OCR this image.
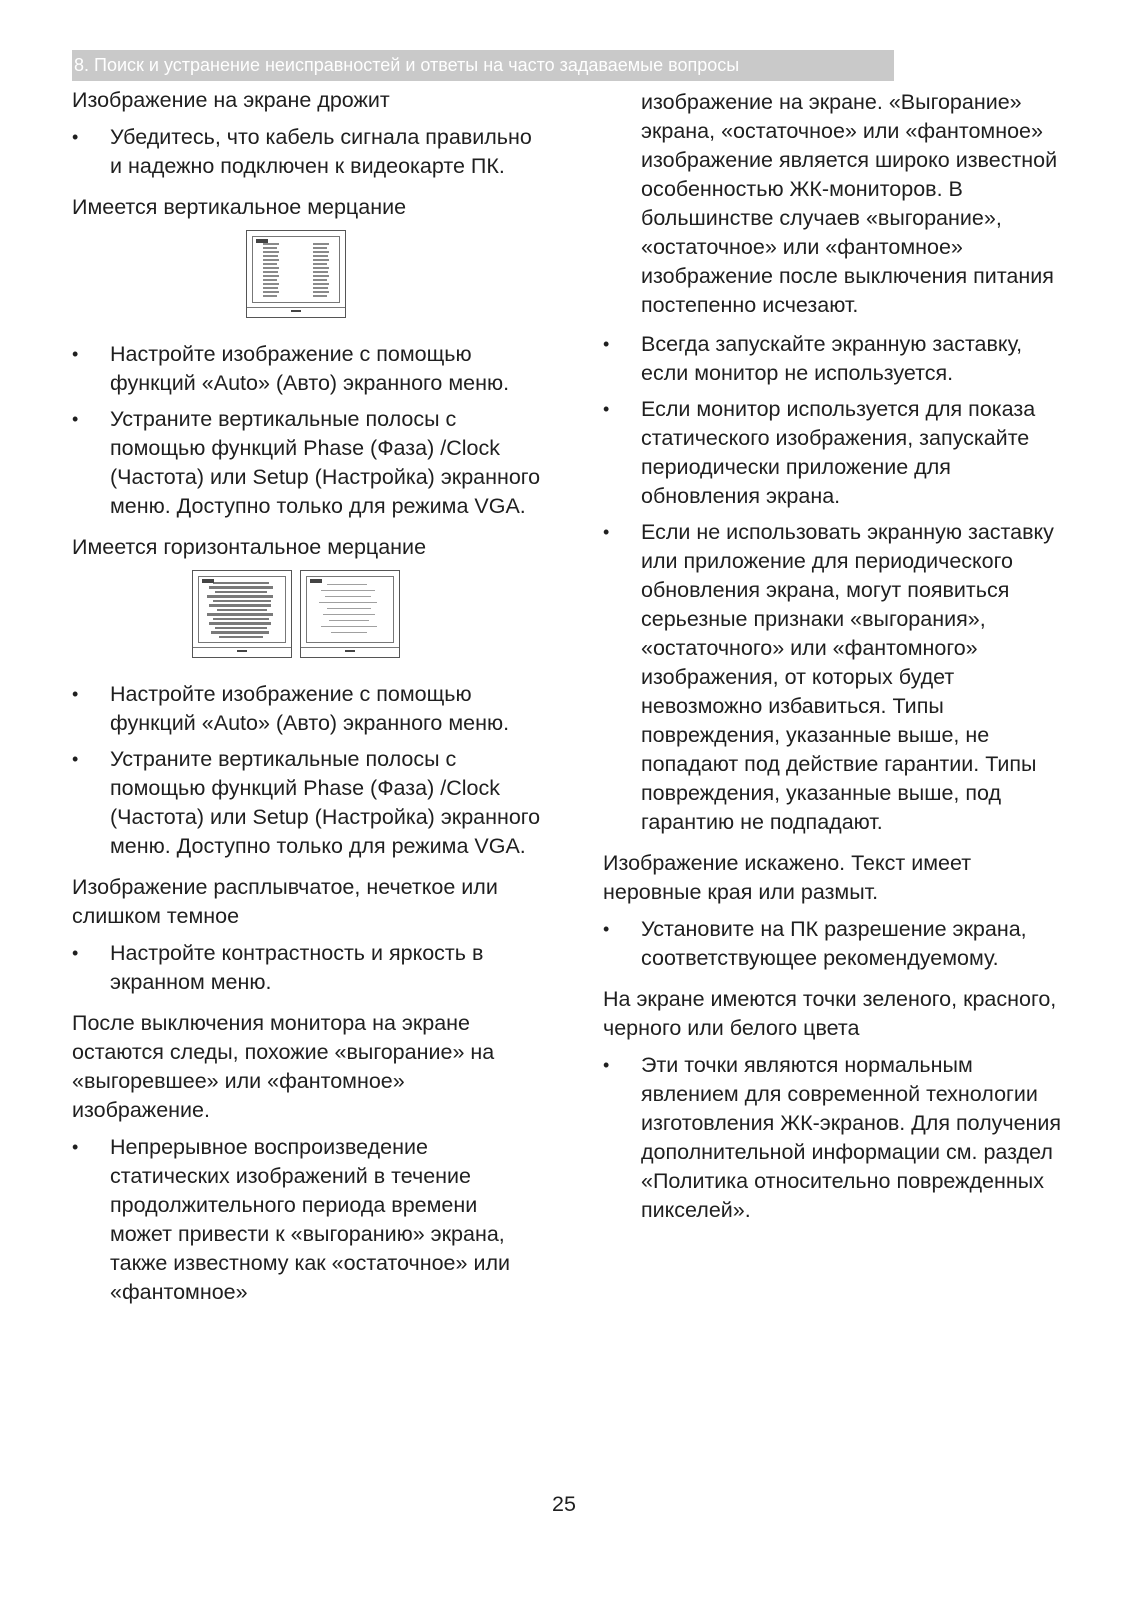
8. Поиск и устранение неисправностей и ответы на часто задаваемые вопросы
Изображение на экране дрожит
• Убедитесь, что кабель сигнала правильно и надежно подключен к видеокарте ПК.
Имеется вертикальное мерцание
• Настройте изображение с помощью функций «Auto» (Авто) экранного меню.
• Устраните вертикальные полосы с помощью функций Phase (Фаза) /Clock (Частота) или Setup (Настройка) экранного меню. Доступно только для режима VGA.
Имеется горизонтальное мерцание
• Настройте изображение с помощью функций «Auto» (Авто) экранного меню.
• Устраните вертикальные полосы с помощью функций Phase (Фаза) /Clock (Частота) или Setup (Настройка) экранного меню. Доступно только для режима VGA.
Изображение расплывчатое, нечеткое или слишком темное
• Настройте контрастность и яркость в экранном меню.
После выключения монитора на экране остаются следы, похожие «выгорание» на «выгоревшее» или «фантомное» изображение.
• Непрерывное воспроизведение статических изображений в течение продолжительного периода времени может привести к «выгоранию» экрана, также известному как «остаточное» или «фантомное»

изображение на экране. «Выгорание» экрана, «остаточное» или «фантомное» изображение является широко известной особенностью ЖК-мониторов. В большинстве случаев «выгорание», «остаточное» или «фантомное» изображение после выключения питания постепенно исчезают.

• Всегда запускайте экранную заставку, если монитор не используется.
• Если монитор используется для показа статического изображения, запускайте периодически приложение для обновления экрана.
• Если не использовать экранную заставку или приложение для периодического обновления экрана, могут появиться серьезные признаки «выгорания», «остаточного» или «фантомного» изображения, от которых будет невозможно избавиться. Типы повреждения, указанные выше, не попадают под действие гарантии. Типы повреждения, указанные выше, под гарантию не подпадают.
Изображение искажено. Текст имеет неровные края или размыт.
• Установите на ПК разрешение экрана, соответствующее рекомендуемому.
На экране имеются точки зеленого, красного, черного или белого цвета
• Эти точки являются нормальным явлением для современной технологии изготовления ЖК-экранов. Для получения дополнительной информации см. раздел «Политика относительно поврежденных пикселей».
25
